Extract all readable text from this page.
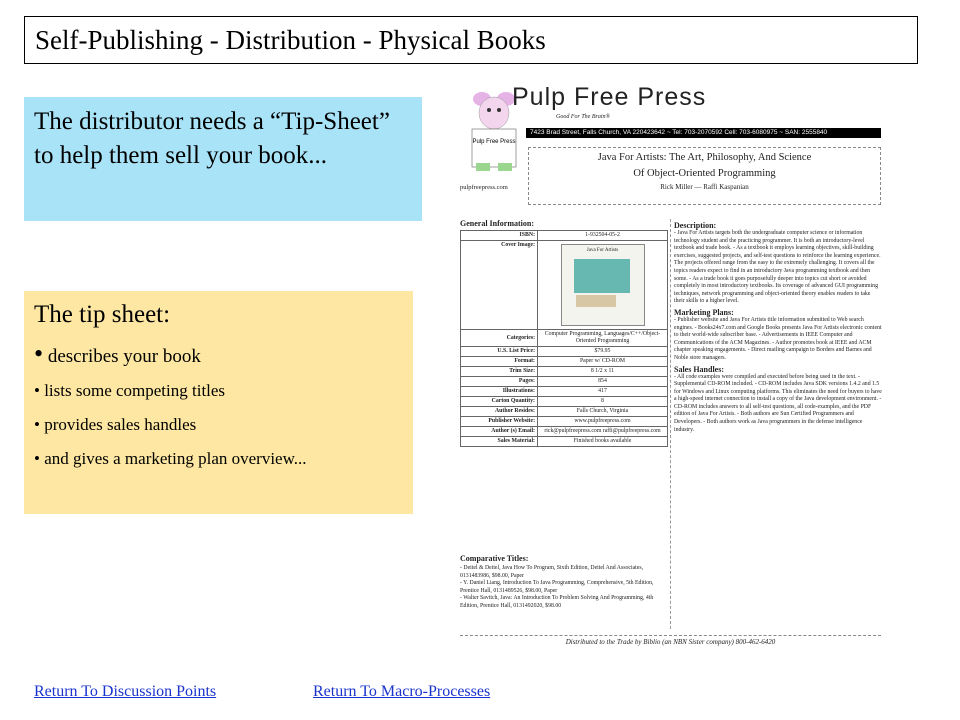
Self-Publishing - Distribution - Physical Books
The distributor needs a “Tip-Sheet” to help them sell your book...
The tip sheet:
• describes your book
• lists some competing titles
• provides sales handles
• and gives a marketing plan overview...
Pulp Free Press
Pulp Free Press
Good For The Brain®
7423 Brad Street, Falls Church, VA 220423642 ~ Tel: 703-2070592 Cell: 703-6080975 ~ SAN: 2555840
pulpfreepress.com
Java For Artists: The Art, Philosophy, And Science
Of Object-Oriented Programming
Rick Miller — Raffi Kaspanian
General Information:
ISBN:	1-932504-05-2
Cover Image:	Java For Artists

Categories:	Computer Programming, Languages/C++/Object-Oriented Programming
U.S. List Price:	$79.95
Format:	Paper w/ CD-ROM
Trim Size:	8 1/2 x 11
Pages:	854
Illustrations:	417
Carton Quantity:	8
Author Resides:	Falls Church, Virginia
Publisher Website:	www.pulpfreepress.com
Author (s) Email:	rick@pulpfreepress.com raffi@pulpfreepress.com
Sales Material:	Finished books available
Comparative Titles:
- Deitel & Deitel, Java How To Program, Sixth Edition, Deitel And Associates, 0131483986, $98.00, Paper
- Y. Daniel Liang, Introduction To Java Programming, Comprehensive, 5th Edition, Prentice Hall, 0131489526, $98.00, Paper
- Walter Savitch, Java: An Introduction To Problem Solving And Programming, 4th Edition, Prentice Hall, 0131492020, $98.00
Description:
- Java For Artists targets both the undergraduate computer science or information technology student and the practicing programmer. It is both an introductory-level textbook and trade book. - As a textbook it employs learning objectives, skill-building exercises, suggested projects, and self-test questions to reinforce the learning experience. The projects offered range from the easy to the extremely challenging. It covers all the topics readers expect to find in an introductory Java programming textbook and then some. - As a trade book it goes purposefully deeper into topics cut short or avoided completely in most introductory textbooks. Its coverage of advanced GUI programming techniques, network programming and object-oriented theory enables readers to take their skills to a higher level.
Marketing Plans:
- Publisher website and Java For Artists title information submitted to Web search engines. - Books24x7.com and Google Books presents Java For Artists electronic content to their world-wide subscriber base. - Advertisements in IEEE Computer and Communications of the ACM Magazines. - Author promotes book at IEEE and ACM chapter speaking engagements. - Direct mailing campaign to Borders and Barnes and Noble store managers.
Sales Handles:
- All code examples were compiled and executed before being used in the text. - Supplemental CD-ROM included. - CD-ROM includes Java SDK versions 1.4.2 and 1.5 for Windows and Linux computing platforms. This eliminates the need for buyers to have a high-speed internet connection to install a copy of the Java development environment. - CD-ROM includes answers to all self-test questions, all code-examples, and the PDF edition of Java For Artists. - Both authors are Sun Certified Programmers and Developers. - Both authors work as Java programmers in the defense intelligence industry.
Distributed to the Trade by Biblio (an NBN Sister company) 800-462-6420
Return To Discussion Points	Return To Macro-Processes
